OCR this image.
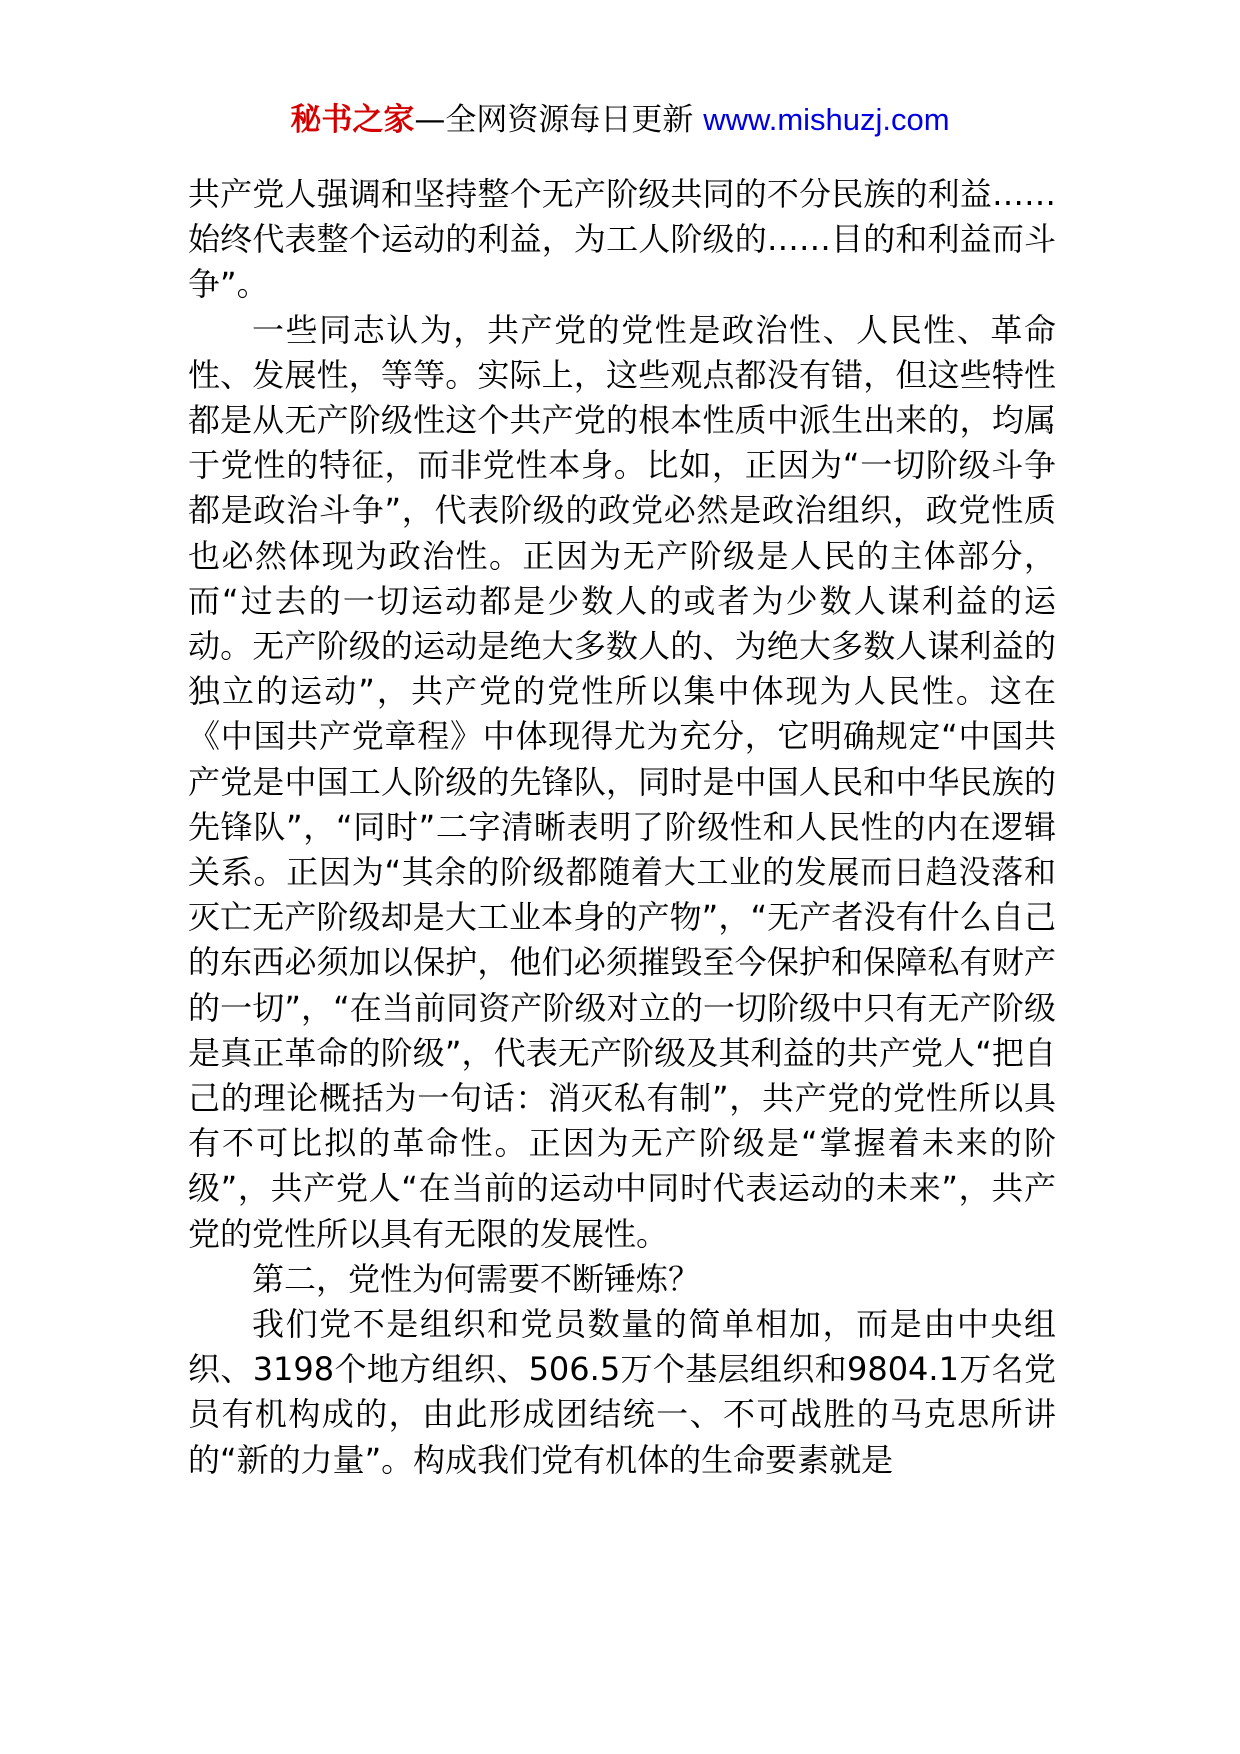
秘书之家—全网资源每日更新 www.mishuzj.com

共产党人强调和坚持整个无产阶级共同的不分民族的利益……始终代表整个运动的利益，为工人阶级的……目的和利益而斗争”。

一些同志认为，共产党的党性是政治性、人民性、革命性、发展性，等等。实际上，这些观点都没有错，但这些特性都是从无产阶级性这个共产党的根本性质中派生出来的，均属于党性的特征，而非党性本身。比如，正因为“一切阶级斗争都是政治斗争”，代表阶级的政党必然是政治组织，政党性质也必然体现为政治性。正因为无产阶级是人民的主体部分，而“过去的一切运动都是少数人的或者为少数人谋利益的运动。无产阶级的运动是绝大多数人的、为绝大多数人谋利益的独立的运动”，共产党的党性所以集中体现为人民性。这在《中国共产党章程》中体现得尤为充分，它明确规定“中国共产党是中国工人阶级的先锋队，同时是中国人民和中华民族的先锋队”，“同时”二字清晰表明了阶级性和人民性的内在逻辑关系。正因为“其余的阶级都随着大工业的发展而日趋没落和灭亡无产阶级却是大工业本身的产物”，“无产者没有什么自己的东西必须加以保护，他们必须摧毁至今保护和保障私有财产的一切”，“在当前同资产阶级对立的一切阶级中只有无产阶级是真正革命的阶级”，代表无产阶级及其利益的共产党人“把自己的理论概括为一句话：消灭私有制”，共产党的党性所以具有不可比拟的革命性。正因为无产阶级是“掌握着未来的阶级”，共产党人“在当前的运动中同时代表运动的未来”，共产党的党性所以具有无限的发展性。

第二，党性为何需要不断锤炼？

我们党不是组织和党员数量的简单相加，而是由中央组织、3198个地方组织、506.5万个基层组织和9804.1万名党员有机构成的，由此形成团结统一、不可战胜的马克思所讲的“新的力量”。构成我们党有机体的生命要素就是
